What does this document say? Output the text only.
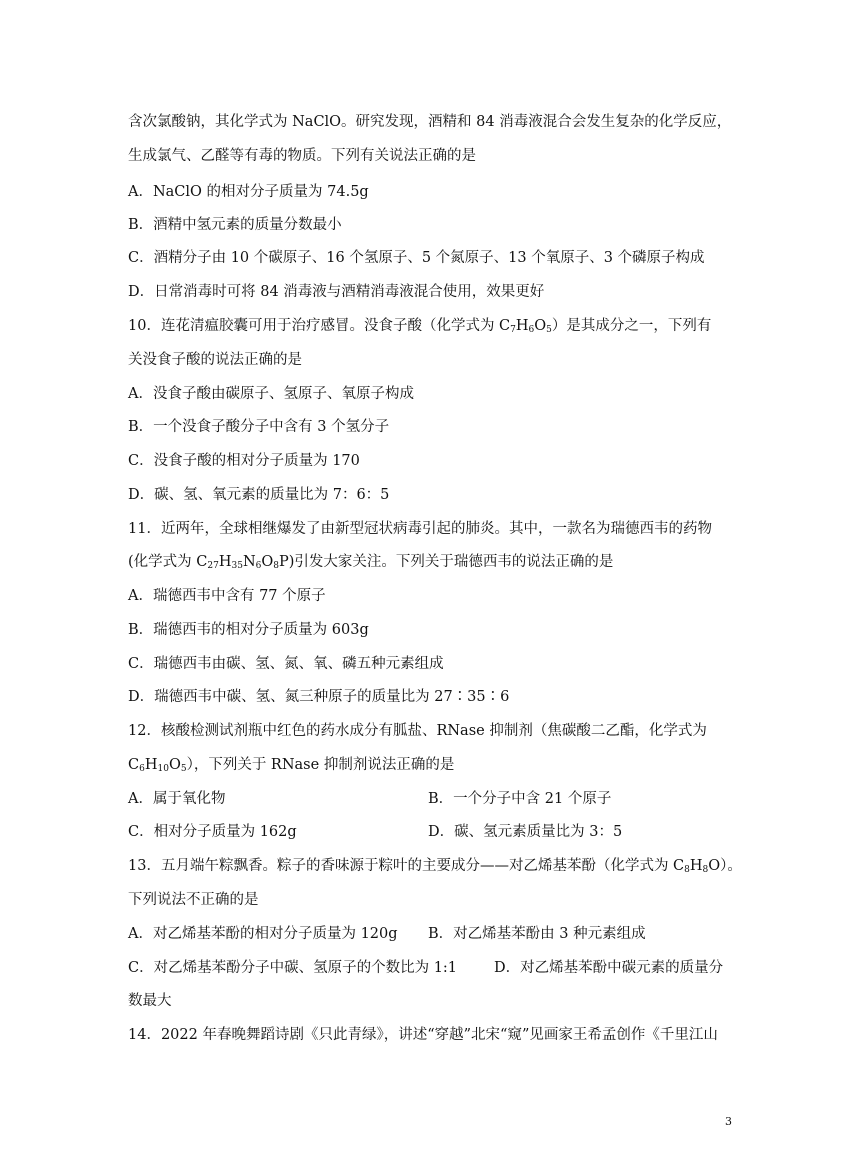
含次氯酸钠，其化学式为 NaClO。研究发现，酒精和 84 消毒液混合会发生复杂的化学反应，
生成氯气、乙醛等有毒的物质。下列有关说法正确的是
A．NaClO 的相对分子质量为 74.5g
B．酒精中氢元素的质量分数最小
C．酒精分子由 10 个碳原子、16 个氢原子、5 个氮原子、13 个氧原子、3 个磷原子构成
D．日常消毒时可将 84 消毒液与酒精消毒液混合使用，效果更好
10．连花清瘟胶囊可用于治疗感冒。没食子酸（化学式为 $C_7H_6O_5$）是其成分之一，下列有
关没食子酸的说法正确的是
A．没食子酸由碳原子、氢原子、氧原子构成
B．一个没食子酸分子中含有 3 个氢分子
C．没食子酸的相对分子质量为 170
D．碳、氢、氧元素的质量比为 7：6：5
11．近两年，全球相继爆发了由新型冠状病毒引起的肺炎。其中，一款名为瑞德西韦的药物
(化学式为 $C_{27}H_{35}N_6O_8P$)引发大家关注。下列关于瑞德西韦的说法正确的是
A．瑞德西韦中含有 77 个原子
B．瑞德西韦的相对分子质量为 603g
C．瑞德西韦由碳、氢、氮、氧、磷五种元素组成
D．瑞德西韦中碳、氢、氮三种原子的质量比为 27∶35∶6
12．核酸检测试剂瓶中红色的药水成分有胍盐、RNase 抑制剂（焦碳酸二乙酯，化学式为
$C_6H_{10}O_5$），下列关于 RNase 抑制剂说法正确的是
A．属于氧化物	B．一个分子中含 21 个原子
C．相对分子质量为 162g	D．碳、氢元素质量比为 3：5
13．五月端午粽飘香。粽子的香味源于粽叶的主要成分——对乙烯基苯酚（化学式为 $C_8H_8O$）。
下列说法不正确的是
A．对乙烯基苯酚的相对分子质量为 120g B．对乙烯基苯酚由 3 种元素组成
C．对乙烯基苯酚分子中碳、氢原子的个数比为 1:1	D．对乙烯基苯酚中碳元素的质量分
数最大
14．2022 年春晚舞蹈诗剧《只此青绿》，讲述“穿越”北宋“窥”见画家王希孟创作《千里江山
3
